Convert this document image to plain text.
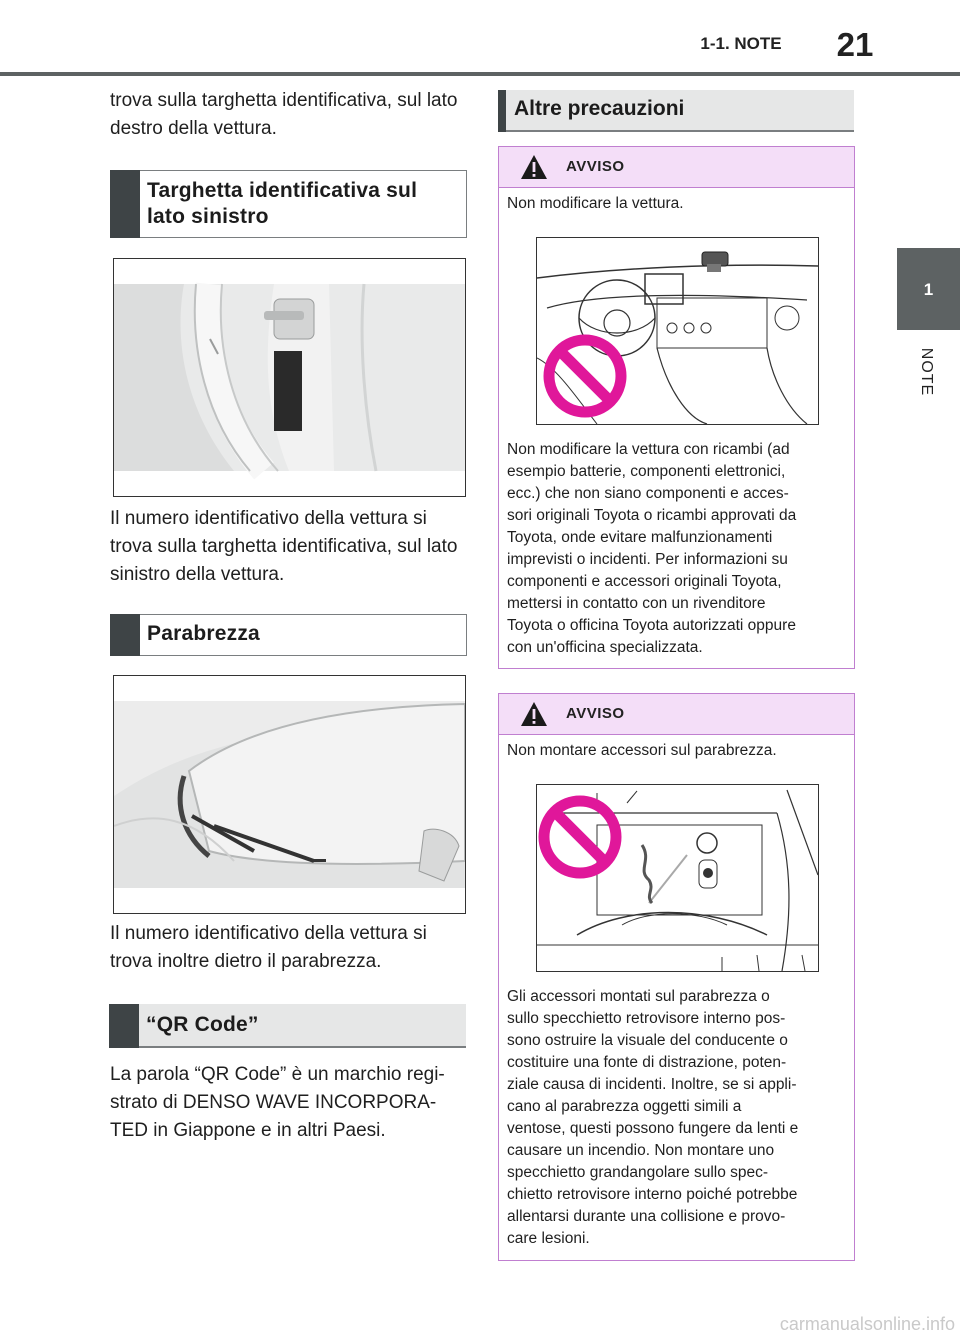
1-1. NOTE	21
1
NOTE
trova sulla targhetta identificativa, sul lato destro della vettura.
Targhetta identificativa sul
lato sinistro
Il numero identificativo della vettura si trova sulla targhetta identificativa, sul lato sinistro della vettura.
Parabrezza
Il numero identificativo della vettura si trova inoltre dietro il parabrezza.
“QR Code”
La parola “QR Code” è un marchio regi-
strato di DENSO WAVE INCORPORA-
TED in Giappone e in altri Paesi.
Altre precauzioni
AVVISO
Non modificare la vettura.
Non modificare la vettura con ricambi (ad
esempio batterie, componenti elettronici,
ecc.) che non siano componenti e acces-
sori originali Toyota o ricambi approvati da
Toyota, onde evitare malfunzionamenti
imprevisti o incidenti. Per informazioni su
componenti e accessori originali Toyota,
mettersi in contatto con un rivenditore
Toyota o officina Toyota autorizzati oppure
con un'officina specializzata.
AVVISO
Non montare accessori sul parabrezza.
Gli accessori montati sul parabrezza o
sullo specchietto retrovisore interno pos-
sono ostruire la visuale del conducente o
costituire una fonte di distrazione, poten-
ziale causa di incidenti. Inoltre, se si appli-
cano al parabrezza oggetti simili a
ventose, questi possono fungere da lenti e
causare un incendio. Non montare uno
specchietto grandangolare sullo spec-
chietto retrovisore interno poiché potrebbe
allentarsi durante una collisione e provo-
care lesioni.
carmanualsonline.info
